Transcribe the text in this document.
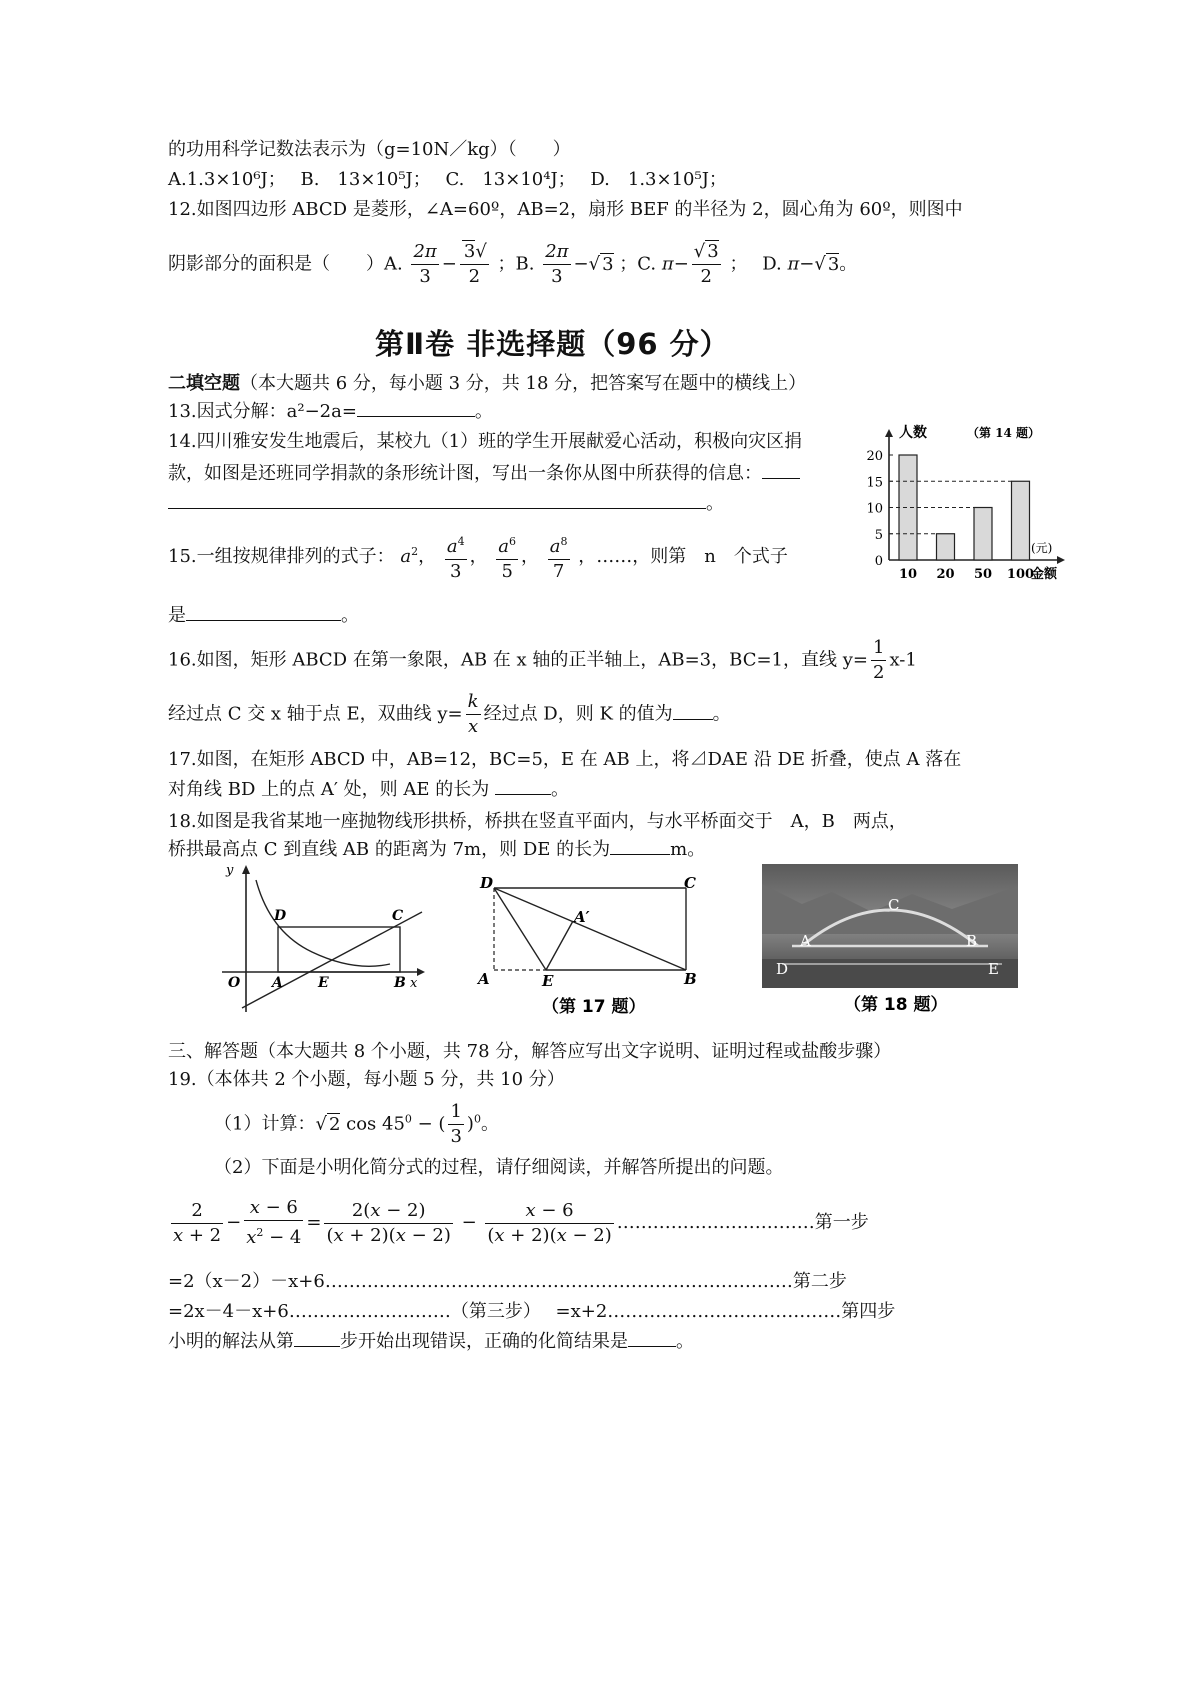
的功用科学记数法表示为（g=10N／kg）（　　）
A.1.3×10⁶J；　 B.　13×10⁵J；　 C.　13×10⁴J；　 D.　1.3×10⁵J；
12.如图四边形 ABCD 是菱形，∠A=60º，AB=2，扇形 BEF 的半径为 2，圆心角为 60º，则图中
阴影部分的面积是（　　）A. $\frac{2\pi}{3} - \frac{3√}{2}$ ；B. $\frac{2\pi}{3}$ −√ 3 ；C. $\pi- \frac{√ 3}{2}$ ；　 D. π−√ 3。
第Ⅱ卷 非选择题（96 分）
二填空题（本大题共 6 分，每小题 3 分，共 18 分，把答案写在题中的横线上）
13.因式分解：a²−2a=	。
14.四川雅安发生地震后，某校九（1）班的学生开展献爱心活动，积极向灾区捐
款，如图是还班同学捐款的条形统计图，写出一条你从图中所获得的信息：
。
0
5
10
15
20
10 20 50 100
人数	（第 14 题）
(元)
金额
15.一组按规律排列的式子： $a^2$， $\frac{a^4}{3}$ ， $\frac{a^6}{5}$ ， $\frac{a^8}{7}$ ，……，则第　n　个式子
是	。
16.如图，矩形 ABCD 在第一象限，AB 在 x 轴的正半轴上，AB=3，BC=1，直线 $y= \frac{1}{2} x-1$
经过点 C 交 x 轴于点 E，双曲线 $y= \frac{k}{x}$ 经过点 D，则 K 的值为 。
17.如图，在矩形 ABCD 中，AB=12，BC=5，E 在 AB 上，将⊿DAE 沿 DE 折叠，使点 A 落在
对角线 BD 上的点 A′ 处，则 AE 的长为	。
18.如图是我省某地一座抛物线形拱桥，桥拱在竖直平面内，与水平桥面交于　A，B　两点，
桥拱最高点 C 到直线 AB 的距离为 7m，则 DE 的长为	m。
y
D	C
O A	E	B x
D	C
A′
A	E	B
（第 17 题）
C
A	B
D	E
（第 18 题）
三、解答题（本大题共 8 个小题，共 78 分，解答应写出文字说明、证明过程或盐酸步骤）
19.（本体共 2 个小题，每小题 5 分，共 10 分）
（1）计算：√ 2 $\cos 45^0$ − ( $\frac{1}{3} )^0$。
（2）下面是小明化简分式的过程，请仔细阅读，并解答所提出的问题。
$\frac{2}{x + 2} - \frac{x - 6}{x^2 - 4} = \frac{2(x - 2)}{(x + 2)(x - 2)} - \frac{x - 6}{(x + 2)(x - 2)}$ ……………………………第一步
=2（x－2）－x+6……………………………………………………………………第二步
=2x－4－x+6………………………（第三步）　 =x+2…………………………………第四步
小明的解法从第	步开始出现错误，正确的化简结果是	。
